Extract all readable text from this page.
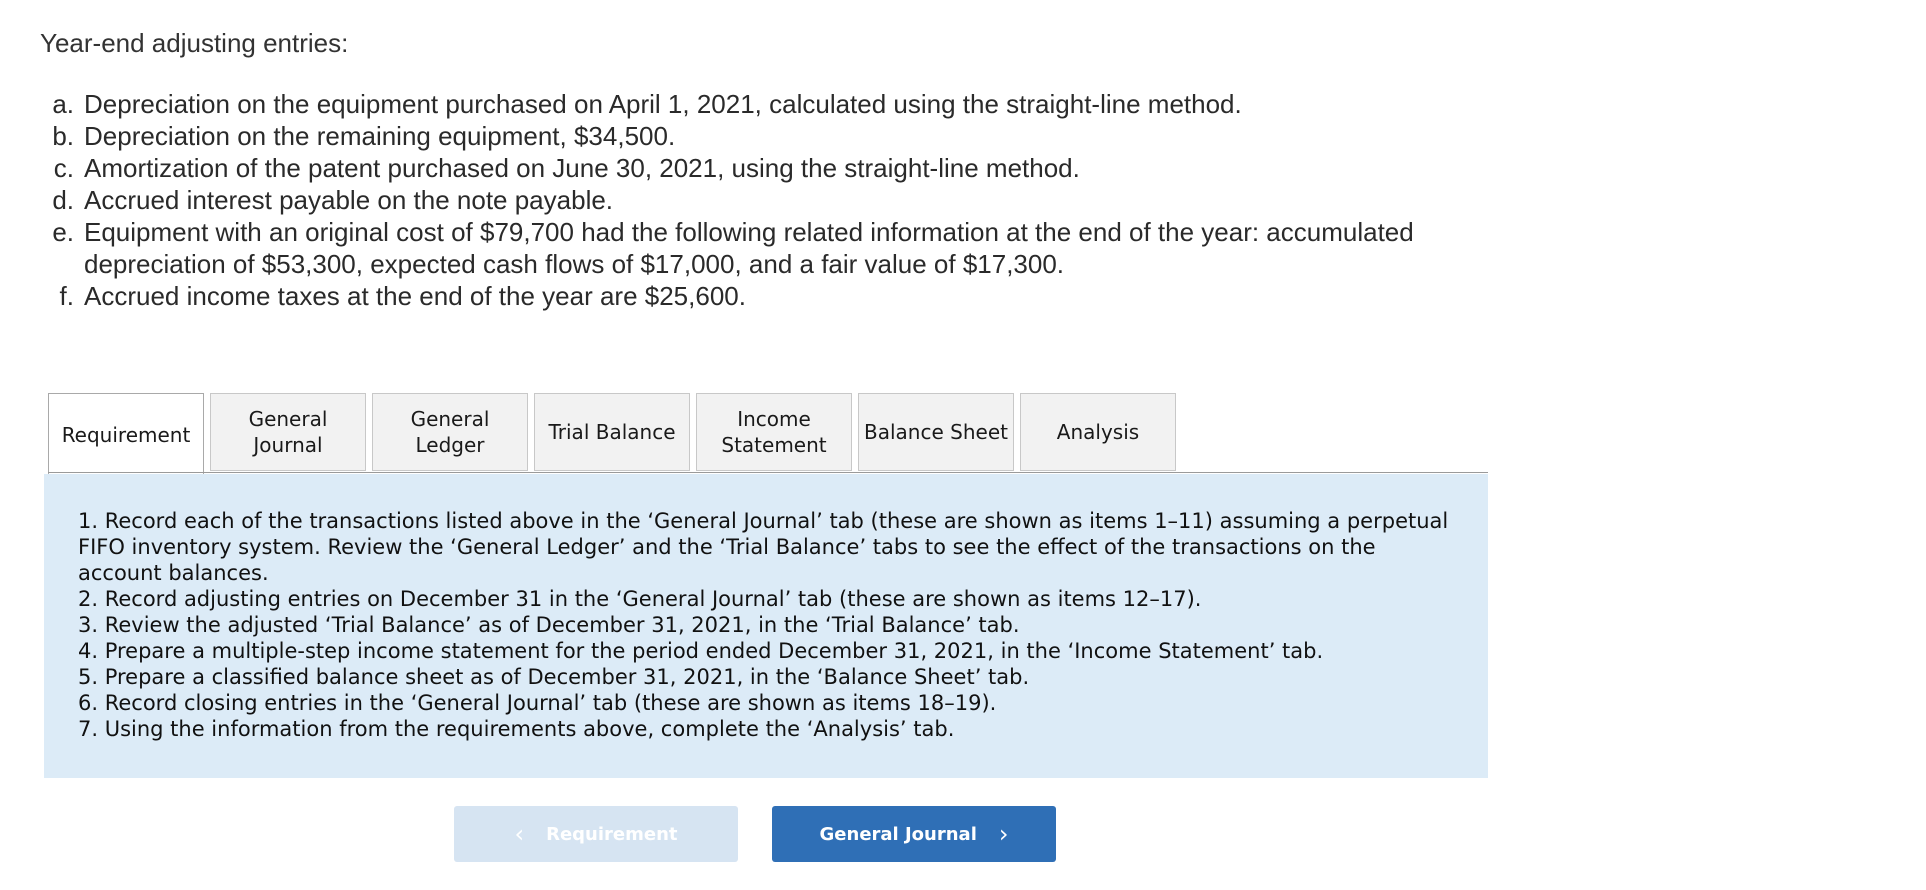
Year-end adjusting entries:
a. Depreciation on the equipment purchased on April 1, 2021, calculated using the straight-line method.
b. Depreciation on the remaining equipment, $34,500.
c. Amortization of the patent purchased on June 30, 2021, using the straight-line method.
d. Accrued interest payable on the note payable.
e. Equipment with an original cost of $79,700 had the following related information at the end of the year: accumulated depreciation of $53,300, expected cash flows of $17,000, and a fair value of $17,300.
f. Accrued income taxes at the end of the year are $25,600.
Requirement
General Journal
General Ledger
Trial Balance
Income Statement
Balance Sheet	Analysis
1. Record each of the transactions listed above in the ‘General Journal’ tab (these are shown as items 1–11) assuming a perpetual FIFO inventory system. Review the ‘General Ledger’ and the ‘Trial Balance’ tabs to see the effect of the transactions on the account balances.
2. Record adjusting entries on December 31 in the ‘General Journal’ tab (these are shown as items 12–17).
3. Review the adjusted ‘Trial Balance’ as of December 31, 2021, in the ‘Trial Balance’ tab.
4. Prepare a multiple-step income statement for the period ended December 31, 2021, in the ‘Income Statement’ tab.
5. Prepare a classified balance sheet as of December 31, 2021, in the ‘Balance Sheet’ tab.
6. Record closing entries in the ‘General Journal’ tab (these are shown as items 18–19).
7. Using the information from the requirements above, complete the ‘Analysis’ tab.
‹ Requirement	General Journal ›
